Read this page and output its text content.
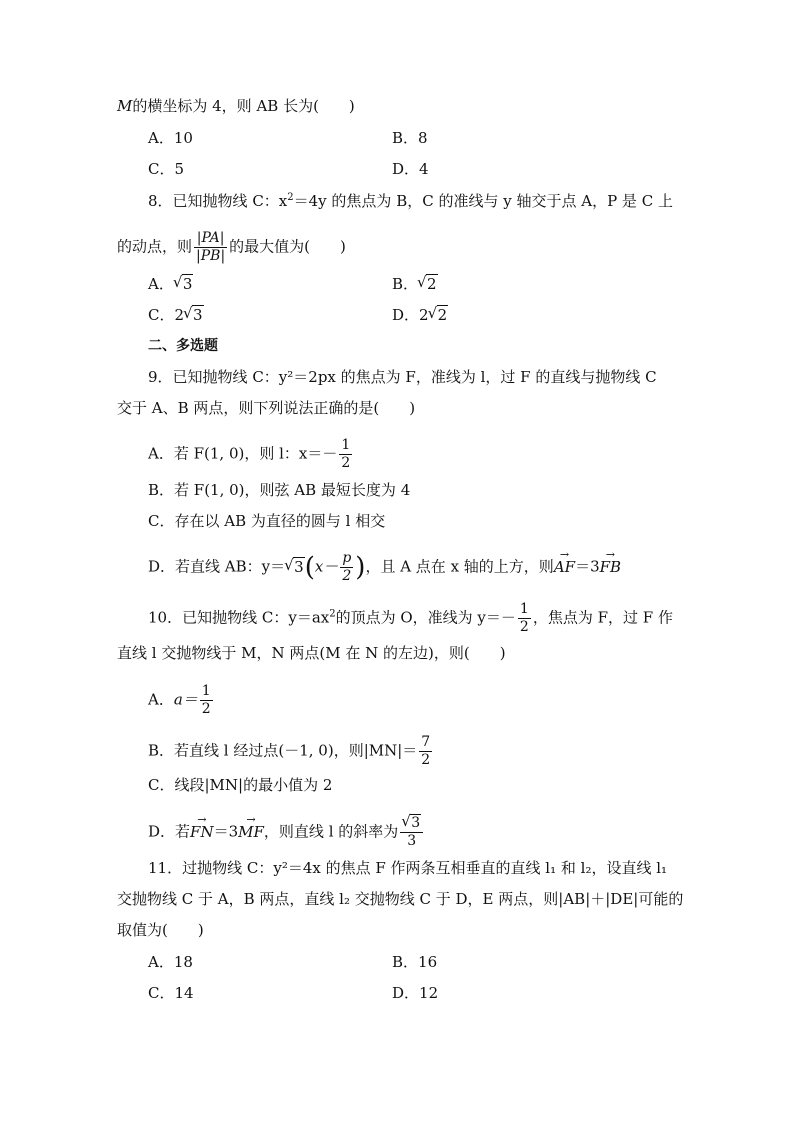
M的横坐标为 4，则 AB 长为(　　)
A．10	B．8
C．5	D．4
8．已知抛物线 C：$x^2=4y$ 的焦点为 B，C 的准线与 y 轴交于点 A，P 是 C 上
的动点，则 $\frac{|PA|}{|PB|}$ 的最大值为(　　)
A． √ 3	B． √ 2
C．2 √ 3	D．2 √ 2
二、多选题
9．已知抛物线 C：y²＝2px 的焦点为 F，准线为 l，过 F 的直线与抛物线 C
交于 A、B 两点，则下列说法正确的是(　　)
A．若 F(1, 0)，则 l：$x=- \frac{1}{2}$
B．若 F(1, 0)，则弦 AB 最短长度为 4
C．存在以 AB 为直径的圆与 l 相交
D．若直线 AB：y＝ √ $3(x- \frac{p}{2}$ )，且 A 点在 x 轴的上方，则AF →＝3FB →
10．已知抛物线 C：$y=ax^2$的顶点为 O，准线为 $y=- \frac{1}{2}$ ，焦点为 F，过 F 作
直线 l 交抛物线于 M，N 两点(M 在 N 的左边)，则(　　)
A．$a= \frac{1}{2}$
B．若直线 l 经过点(－1, 0)，则$|MN|= \frac{7}{2}$
C．线段|MN|的最小值为 2
D．若FN →＝3MF →，则直线 l 的斜率为 √ $\frac{3}{3}$
11．过抛物线 C：y²＝4x 的焦点 F 作两条互相垂直的直线 l₁ 和 l₂，设直线 l₁
交抛物线 C 于 A，B 两点，直线 l₂ 交抛物线 C 于 D，E 两点，则|AB|＋|DE|可能的
取值为(　　)
A．18	B．16
C．14	D．12
